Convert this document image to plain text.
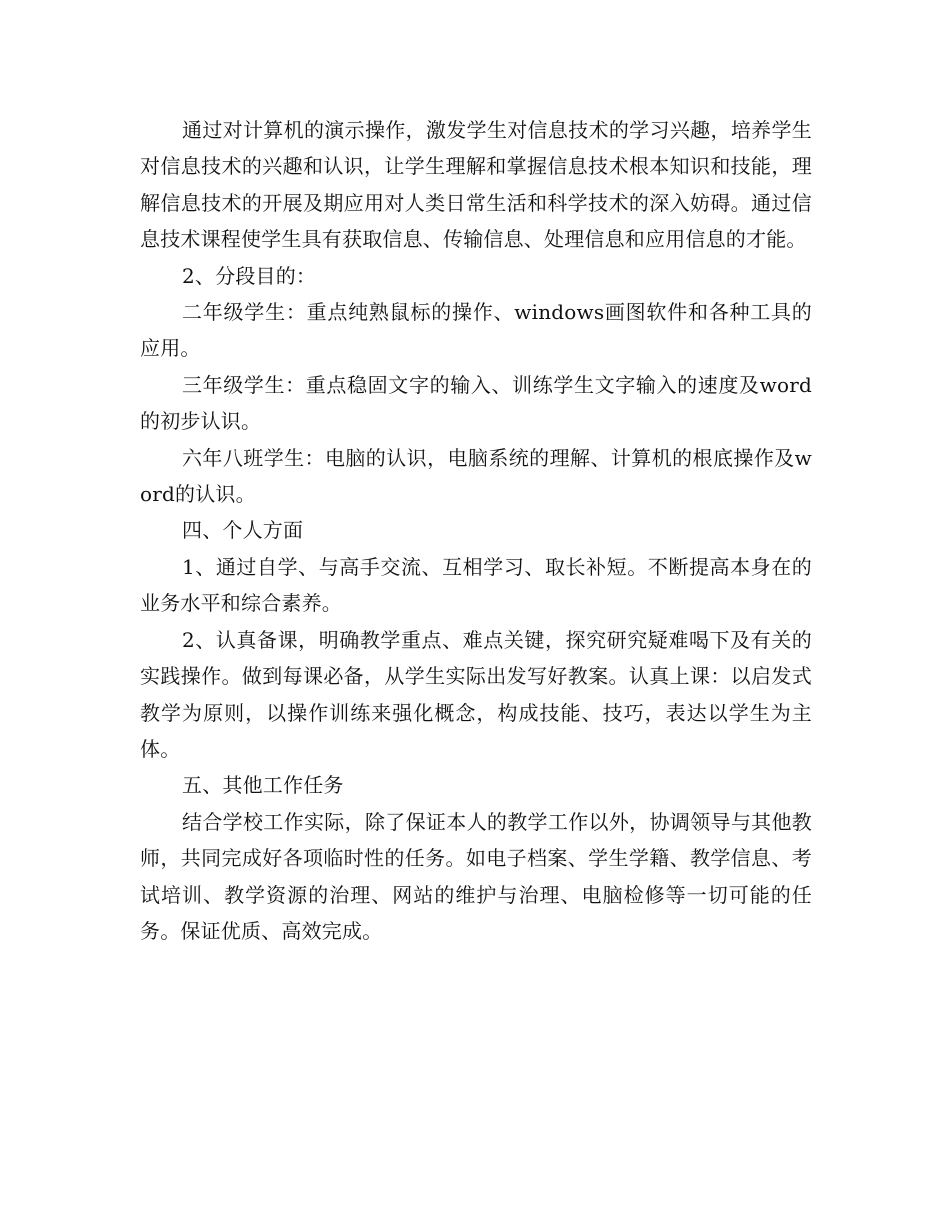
通过对计算机的演示操作，激发学生对信息技术的学习兴趣，培养学生对信息技术的兴趣和认识，让学生理解和掌握信息技术根本知识和技能，理解信息技术的开展及期应用对人类日常生活和科学技术的深入妨碍。通过信息技术课程使学生具有获取信息、传输信息、处理信息和应用信息的才能。

2、分段目的：

二年级学生：重点纯熟鼠标的操作、windows画图软件和各种工具的应用。

三年级学生：重点稳固文字的输入、训练学生文字输入的速度及word的初步认识。

六年八班学生：电脑的认识，电脑系统的理解、计算机的根底操作及word的认识。

四、个人方面

1、通过自学、与高手交流、互相学习、取长补短。不断提高本身在的业务水平和综合素养。

2、认真备课，明确教学重点、难点关键，探究研究疑难喝下及有关的实践操作。做到每课必备，从学生实际出发写好教案。认真上课：以启发式教学为原则，以操作训练来强化概念，构成技能、技巧，表达以学生为主体。

五、其他工作任务

结合学校工作实际，除了保证本人的教学工作以外，协调领导与其他教师，共同完成好各项临时性的任务。如电子档案、学生学籍、教学信息、考试培训、教学资源的治理、网站的维护与治理、电脑检修等一切可能的任务。保证优质、高效完成。
